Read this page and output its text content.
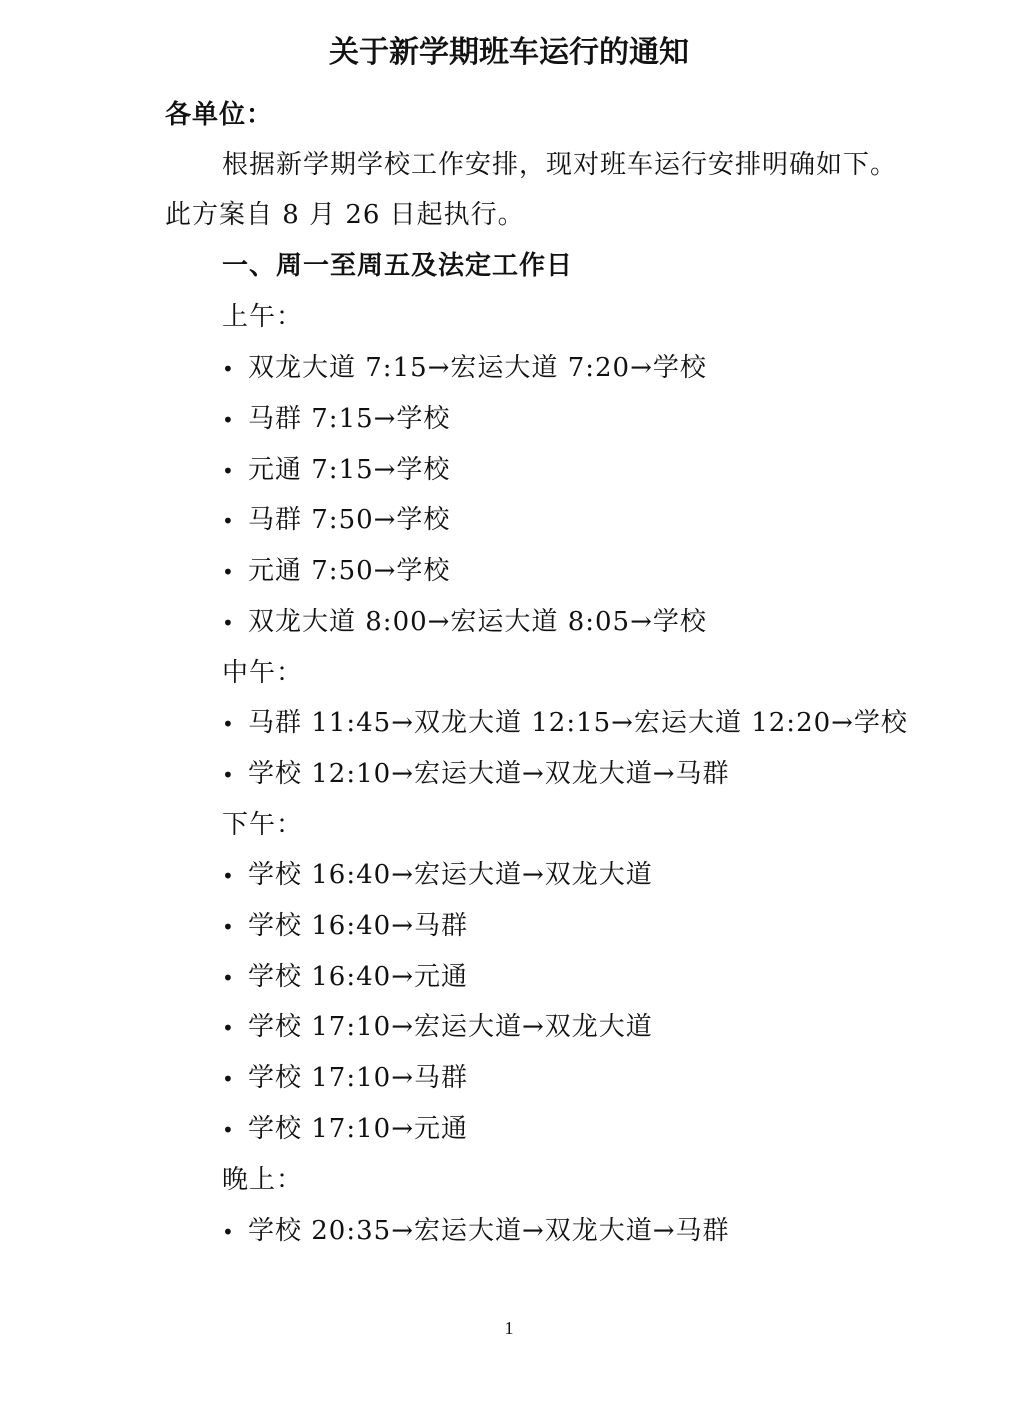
关于新学期班车运行的通知
各单位：
根据新学期学校工作安排，现对班车运行安排明确如下。
此方案自 8 月 26 日起执行。
一、周一至周五及法定工作日
上午：
• 双龙大道 7:15→宏运大道 7:20→学校
• 马群 7:15→学校
• 元通 7:15→学校
• 马群 7:50→学校
• 元通 7:50→学校
• 双龙大道 8:00→宏运大道 8:05→学校
中午：
• 马群 11:45→双龙大道 12:15→宏运大道 12:20→学校
• 学校 12:10→宏运大道→双龙大道→马群
下午：
• 学校 16:40→宏运大道→双龙大道
• 学校 16:40→马群
• 学校 16:40→元通
• 学校 17:10→宏运大道→双龙大道
• 学校 17:10→马群
• 学校 17:10→元通
晚上：
• 学校 20:35→宏运大道→双龙大道→马群
1
